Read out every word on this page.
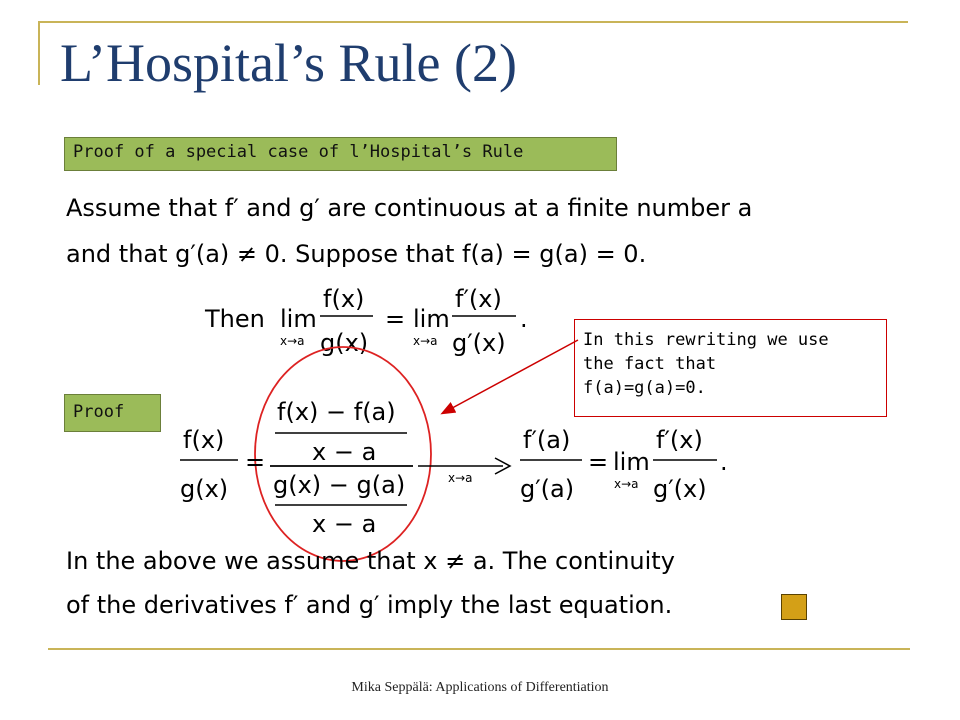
L’Hospital’s Rule (2)
Proof of a special case of l’Hospital’s Rule
Assume that f′ and g′ are continuous at a finite number a
and that g′(a) ≠ 0. Suppose that f(a) = g(a) = 0.
In this rewriting we use
the fact that
f(a)=g(a)=0.
Proof
Then lim
x→a
f(x)
g(x)
= lim
x→a
f′(x)
g′(x)
.
f(x)
g(x)
=
f(x) − f(a)
x − a
g(x) − g(a)
x − a
x→a
f′(a)
g′(a)
= lim
x→a
f′(x)
g′(x)
.
In the above we assume that x ≠ a. The continuity
of the derivatives f′ and g′ imply the last equation.
Mika Seppälä: Applications of Differentiation
